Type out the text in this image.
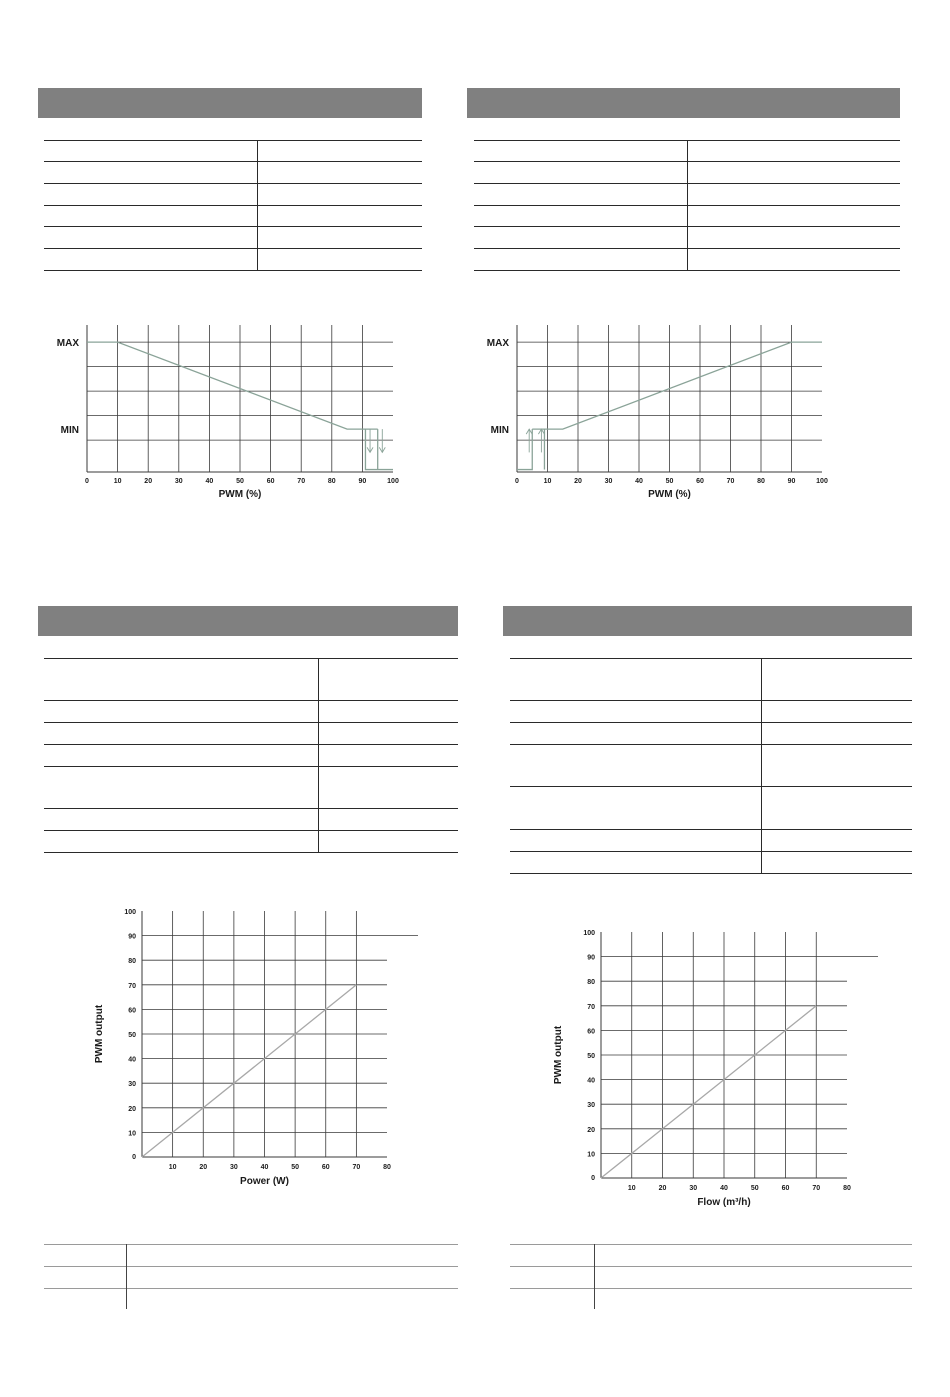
0	10	20	30	40	50	60	70	80	90	100
MAX
MIN
PWM (%)
0	10	20	30	40	50	60	70	80	90	100
MAX
MIN
PWM (%)
10	20	30	40	50	60	70	80
0
10
20
30
40
50
60
70
80
90
100
Power (W)
PWM output
10	20	30	40	50	60	70	80
0
10
20
30
40
50
60
70
80
90
100
Flow (m³/h)
PWM output
